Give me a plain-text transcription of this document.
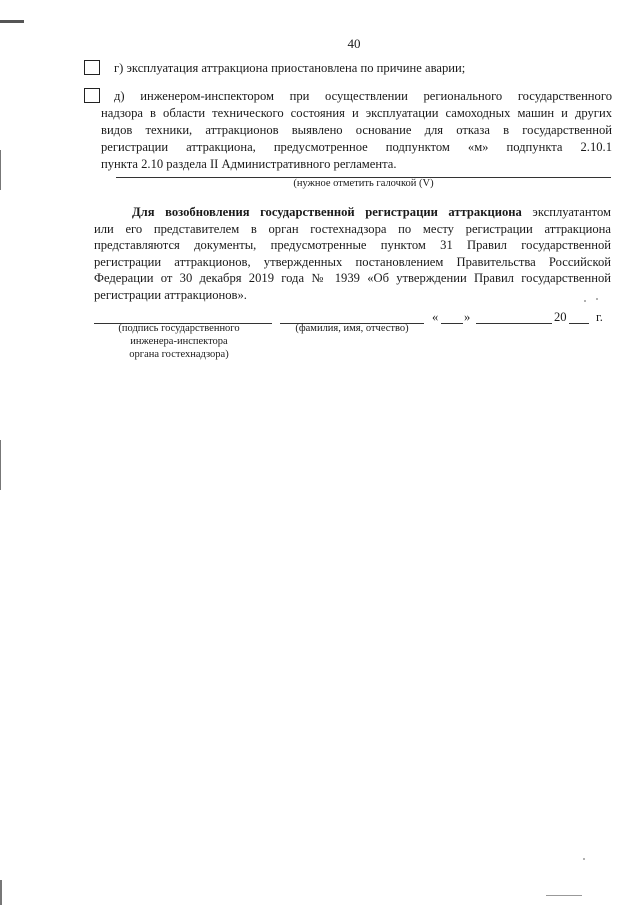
40
г) эксплуатация аттракциона приостановлена по причине аварии;
д) инженером-инспектором при осуществлении регионального государственного
надзора в области технического состояния и эксплуатации самоходных машин и других
видов техники, аттракционов выявлено основание для отказа в государственной
регистрации аттракциона, предусмотренное подпунктом «м» подпункта 2.10.1
пункта 2.10 раздела II Административного регламента.
(нужное отметить галочкой (V)
Для возобновления государственной регистрации аттракциона эксплуатантом
или его представителем в орган гостехнадзора по месту регистрации аттракциона
представляются документы, предусмотренные пунктом 31 Правил государственной
регистрации аттракционов, утвержденных постановлением Правительства Российской
Федерации от 30 декабря 2019 года № 1939 «Об утверждении Правил государственной
регистрации аттракционов».
« »	20 г.
(подпись государственного
инженера-инспектора
органа гостехнадзора)
(фамилия, имя, отчество)
